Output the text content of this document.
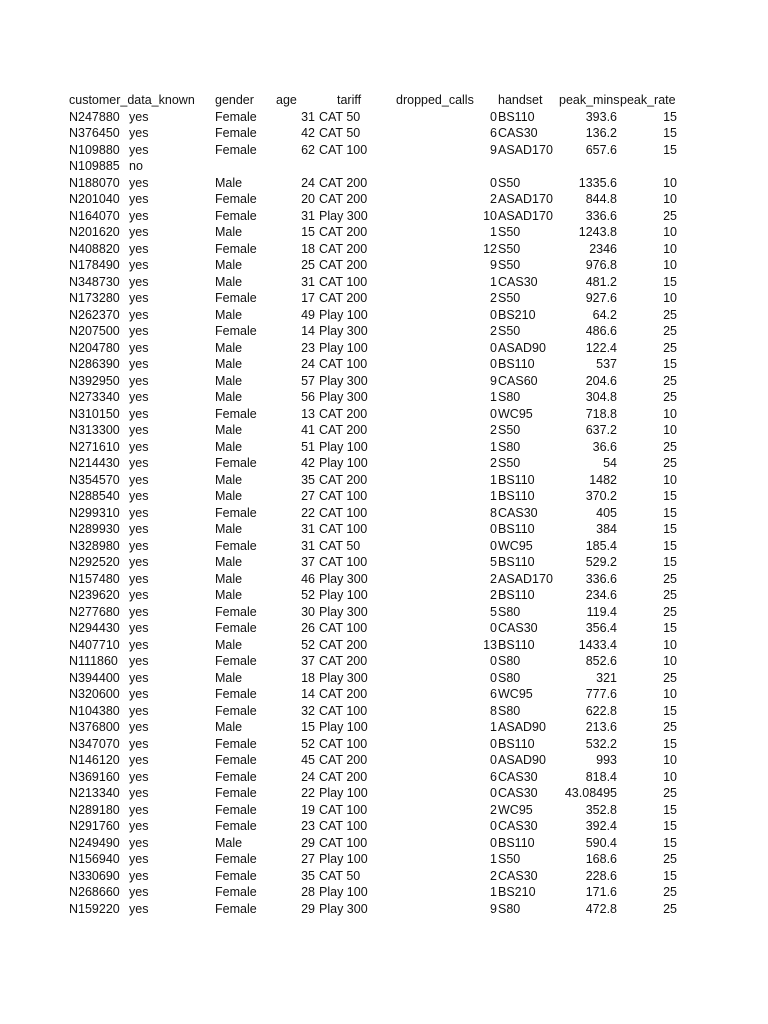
customer_data_known gender age	tariff	dropped_calls handset peak_mins peak_rate
N247880 yes	Female	31 CAT 50	0 BS110	393.6	15
N376450 yes	Female	42 CAT 50	6 CAS30	136.2	15
N109880 yes	Female	62 CAT 100	9 ASAD170	657.6	15
N109885 no
N188070 yes	Male	24 CAT 200	0 S50	1335.6	10
N201040 yes	Female	20 CAT 200	2 ASAD170	844.8	10
N164070 yes	Female	31 Play 300	10 ASAD170	336.6	25
N201620 yes	Male	15 CAT 200	1 S50	1243.8	10
N408820 yes	Female	18 CAT 200	12 S50	2346	10
N178490 yes	Male	25 CAT 200	9 S50	976.8	10
N348730 yes	Male	31 CAT 100	1 CAS30	481.2	15
N173280 yes	Female	17 CAT 200	2 S50	927.6	10
N262370 yes	Male	49 Play 100	0 BS210	64.2	25
N207500 yes	Female	14 Play 300	2 S50	486.6	25
N204780 yes	Male	23 Play 100	0 ASAD90	122.4	25
N286390 yes	Male	24 CAT 100	0 BS110	537	15
N392950 yes	Male	57 Play 300	9 CAS60	204.6	25
N273340 yes	Male	56 Play 300	1 S80	304.8	25
N310150 yes	Female	13 CAT 200	0 WC95	718.8	10
N313300 yes	Male	41 CAT 200	2 S50	637.2	10
N271610 yes	Male	51 Play 100	1 S80	36.6	25
N214430 yes	Female	42 Play 100	2 S50	54	25
N354570 yes	Male	35 CAT 200	1 BS110	1482	10
N288540 yes	Male	27 CAT 100	1 BS110	370.2	15
N299310 yes	Female	22 CAT 100	8 CAS30	405	15
N289930 yes	Male	31 CAT 100	0 BS110	384	15
N328980 yes	Female	31 CAT 50	0 WC95	185.4	15
N292520 yes	Male	37 CAT 100	5 BS110	529.2	15
N157480 yes	Male	46 Play 300	2 ASAD170	336.6	25
N239620 yes	Male	52 Play 100	2 BS110	234.6	25
N277680 yes	Female	30 Play 300	5 S80	119.4	25
N294430 yes	Female	26 CAT 100	0 CAS30	356.4	15
N407710 yes	Male	52 CAT 200	13 BS110	1433.4	10
N111860 yes	Female	37 CAT 200	0 S80	852.6	10
N394400 yes	Male	18 Play 300	0 S80	321	25
N320600 yes	Female	14 CAT 200	6 WC95	777.6	10
N104380 yes	Female	32 CAT 100	8 S80	622.8	15
N376800 yes	Male	15 Play 100	1 ASAD90	213.6	25
N347070 yes	Female	52 CAT 100	0 BS110	532.2	15
N146120 yes	Female	45 CAT 200	0 ASAD90	993	10
N369160 yes	Female	24 CAT 200	6 CAS30	818.4	10
N213340 yes	Female	22 Play 100	0 CAS30 43.08495	25
N289180 yes	Female	19 CAT 100	2 WC95	352.8	15
N291760 yes	Female	23 CAT 100	0 CAS30	392.4	15
N249490 yes	Male	29 CAT 100	0 BS110	590.4	15
N156940 yes	Female	27 Play 100	1 S50	168.6	25
N330690 yes	Female	35 CAT 50	2 CAS30	228.6	15
N268660 yes	Female	28 Play 100	1 BS210	171.6	25
N159220 yes	Female	29 Play 300	9 S80	472.8	25
